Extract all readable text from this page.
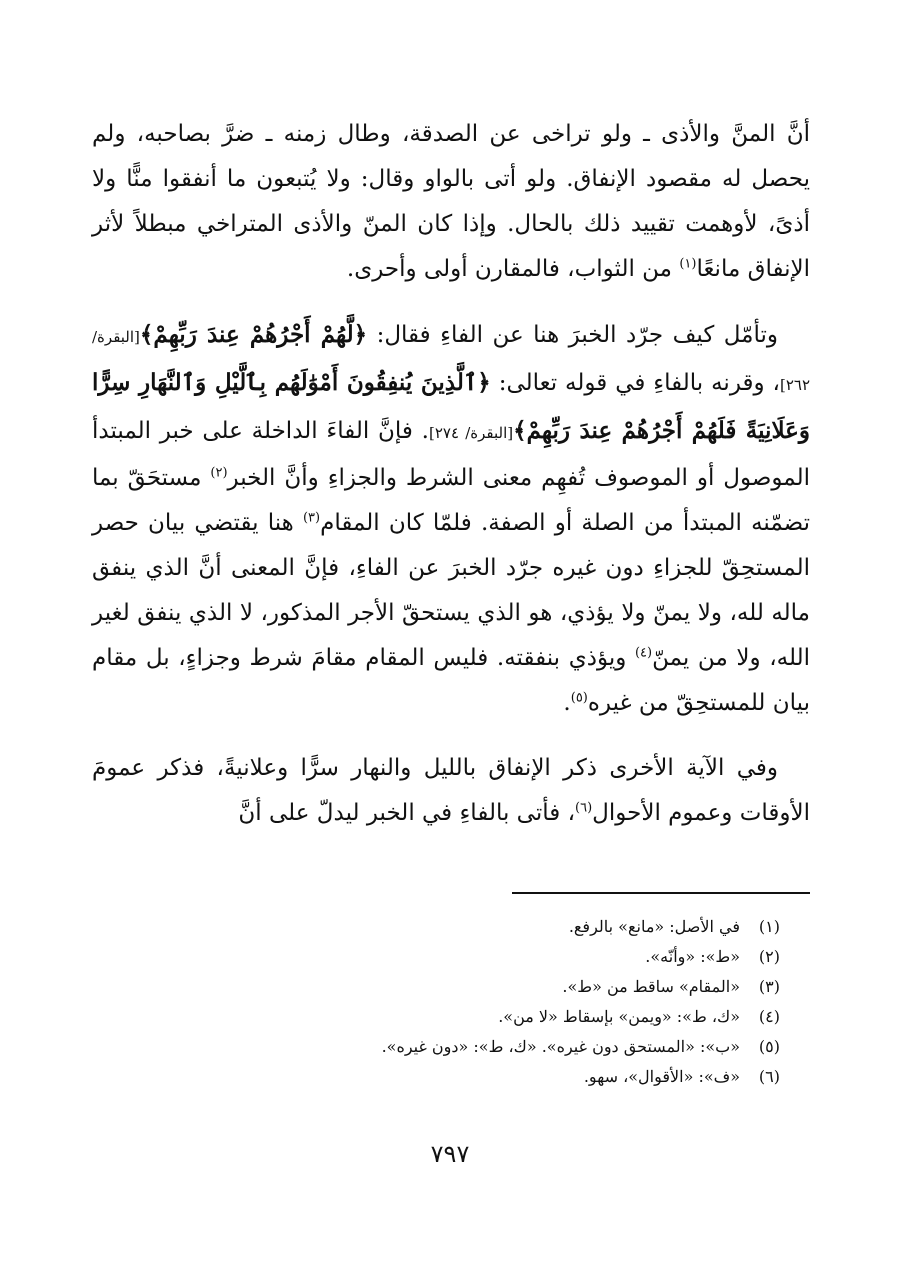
أنَّ المنَّ والأذى ـ ولو تراخى عن الصدقة، وطال زمنه ـ ضرَّ بصاحبه، ولم يحصل له مقصود الإنفاق. ولو أتى بالواو وقال: ولا يُتبعون ما أنفقوا منًّا ولا أذىً، لأوهمت تقييد ذلك بالحال. وإذا كان المنّ والأذى المتراخي مبطلاً لأثر الإنفاق مانعًا$^{(١)}$ من الثواب، فالمقارن أولى وأحرى.

وتأمّل كيف جرّد الخبرَ هنا عن الفاءِ فقال: ﴿لَّهُمْ أَجْرُهُمْ عِندَ رَبِّهِمْ﴾[البقرة/ ٢٦٢]، وقرنه بالفاءِ في قوله تعالى: ﴿ٱلَّذِينَ يُنفِقُونَ أَمْوَٰلَهُم بِٱلَّيْلِ وَٱلنَّهَارِ سِرًّا وَعَلَانِيَةً فَلَهُمْ أَجْرُهُمْ عِندَ رَبِّهِمْ﴾[البقرة/ ٢٧٤]. فإنَّ الفاءَ الداخلة على خبر المبتدأ الموصول أو الموصوف تُفهِم معنى الشرط والجزاءِ وأنَّ الخبر$^{(٢)}$ مستحَقّ بما تضمّنه المبتدأ من الصلة أو الصفة. فلمّا كان المقام$^{(٣)}$ هنا يقتضي بيان حصر المستحِقّ للجزاءِ دون غيره جرّد الخبرَ عن الفاءِ، فإنَّ المعنى أنَّ الذي ينفق ماله لله، ولا يمنّ ولا يؤذي، هو الذي يستحقّ الأجر المذكور، لا الذي ينفق لغير الله، ولا من يمنّ$^{(٤)}$ ويؤذي بنفقته. فليس المقام مقامَ شرط وجزاءٍ، بل مقام بيان للمستحِقّ من غيره$^{(٥)}$.

وفي الآية الأخرى ذكر الإنفاق بالليل والنهار سرًّا وعلانيةً، فذكر عمومَ الأوقات وعموم الأحوال$^{(٦)}$، فأتى بالفاءِ في الخبر ليدلّ على أنَّ

(١)
في الأصل: «مانع» بالرفع.
(٢)
«ط»: «وأنّه».
(٣)
«المقام» ساقط من «ط».
(٤)
«ك، ط»: «ويمن» بإسقاط «لا من».
(٥)
«ب»: «المستحق دون غيره». «ك، ط»: «دون غيره».
(٦)
«ف»: «الأقوال»، سهو.
٧٩٧
